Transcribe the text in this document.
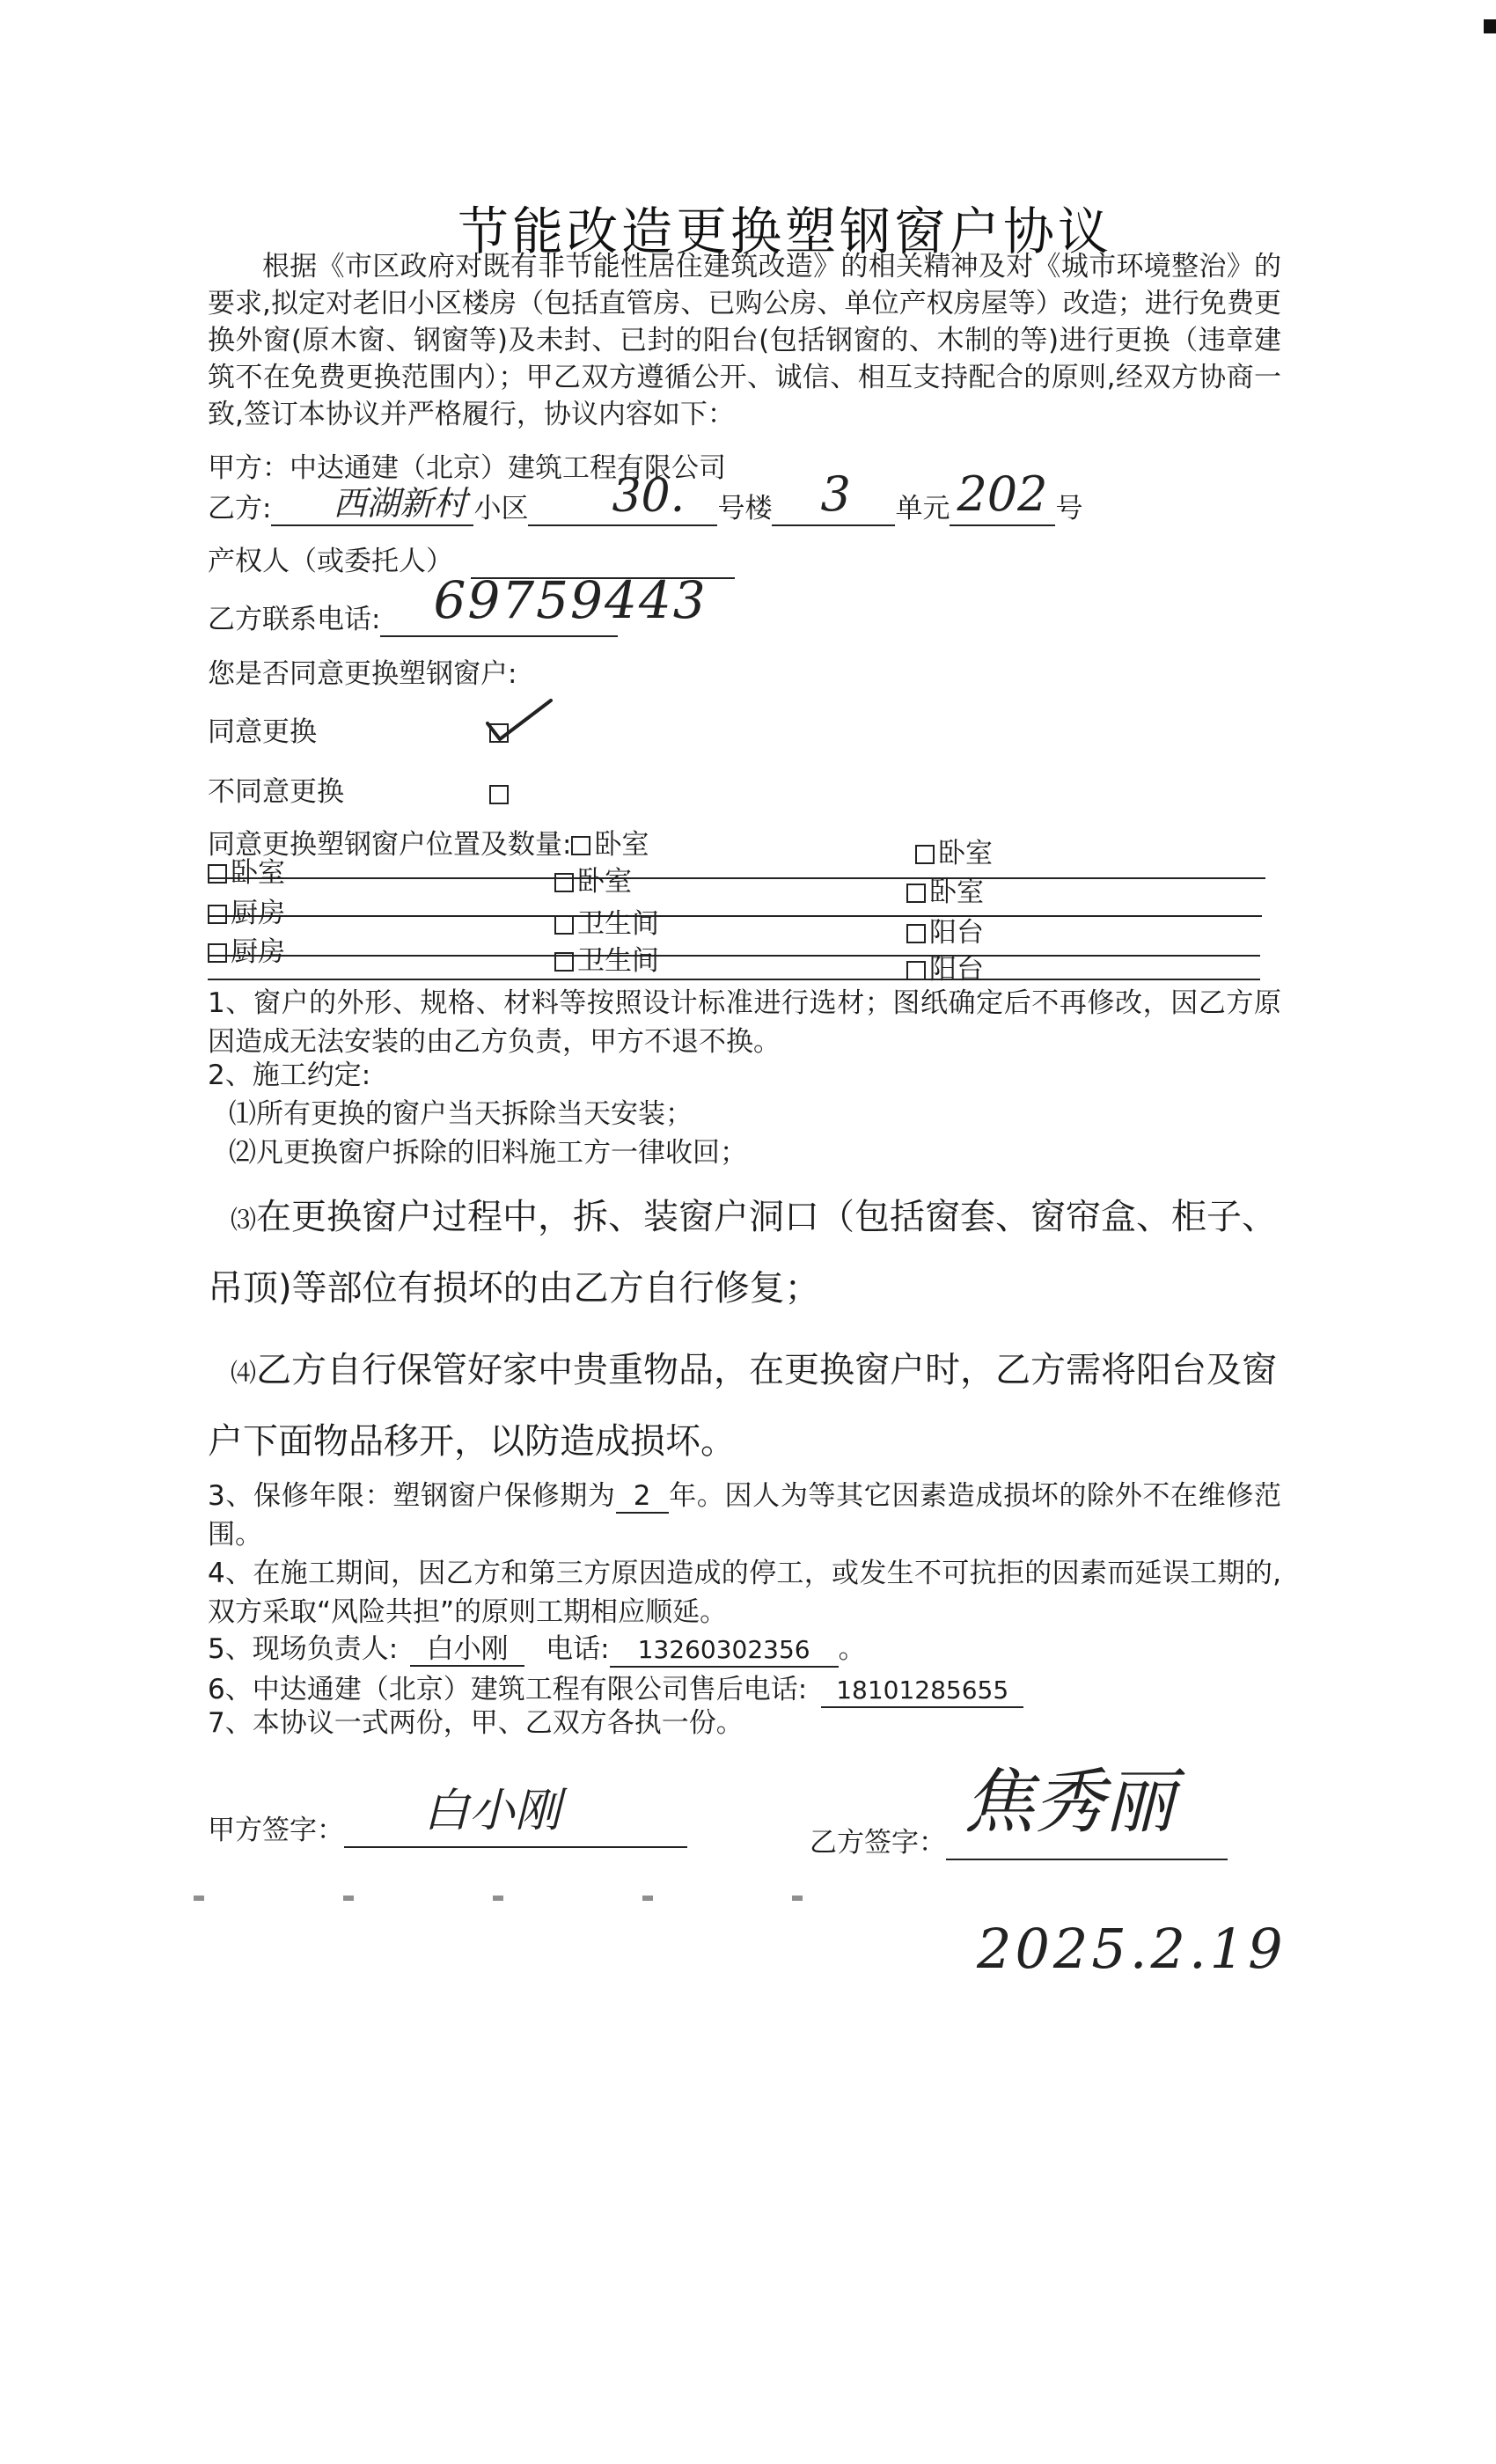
节能改造更换塑钢窗户协议
根据《市区政府对既有非节能性居住建筑改造》的相关精神及对《城市环境整治》的要求,拟定对老旧小区楼房（包括直管房、已购公房、单位产权房屋等）改造；进行免费更换外窗(原木窗、钢窗等)及未封、已封的阳台(包括钢窗的、木制的等)进行更换（违章建筑不在免费更换范围内）；甲乙双方遵循公开、诚信、相互支持配合的原则,经双方协商一致,签订本协议并严格履行，协议内容如下：
甲方：中达通建（北京）建筑工程有限公司
乙方: 西湖新村 小区 30. 号楼 3 单元 202 号
产权人（或委托人）
乙方联系电话: 69759443
您是否同意更换塑钢窗户:
同意更换
不同意更换
同意更换塑钢窗户位置及数量: 卧室	卧室
卧室	卧室	卧室
厨房	卫生间	阳台
厨房	卫生间	阳台
1、窗户的外形、规格、材料等按照设计标准进行选材；图纸确定后不再修改，因乙方原因造成无法安装的由乙方负责，甲方不退不换。
2、施工约定:
⑴所有更换的窗户当天拆除当天安装；
⑵凡更换窗户拆除的旧料施工方一律收回；
⑶在更换窗户过程中，拆、装窗户洞口（包括窗套、窗帘盒、柜子、吊顶)等部位有损坏的由乙方自行修复；
⑷乙方自行保管好家中贵重物品，在更换窗户时，乙方需将阳台及窗户下面物品移开，以防造成损坏。
3、保修年限：塑钢窗户保修期为 2 年。因人为等其它因素造成损坏的除外不在维修范围。
4、在施工期间，因乙方和第三方原因造成的停工，或发生不可抗拒的因素而延误工期的,双方采取“风险共担”的原则工期相应顺延。
5、现场负责人: 白小刚 电话: 13260302356 。
6、中达通建（北京）建筑工程有限公司售后电话: 18101285655
7、本协议一式两份，甲、乙双方各执一份。
甲方签字： 白小刚
乙方签字： 焦秀丽
2025.2.19
